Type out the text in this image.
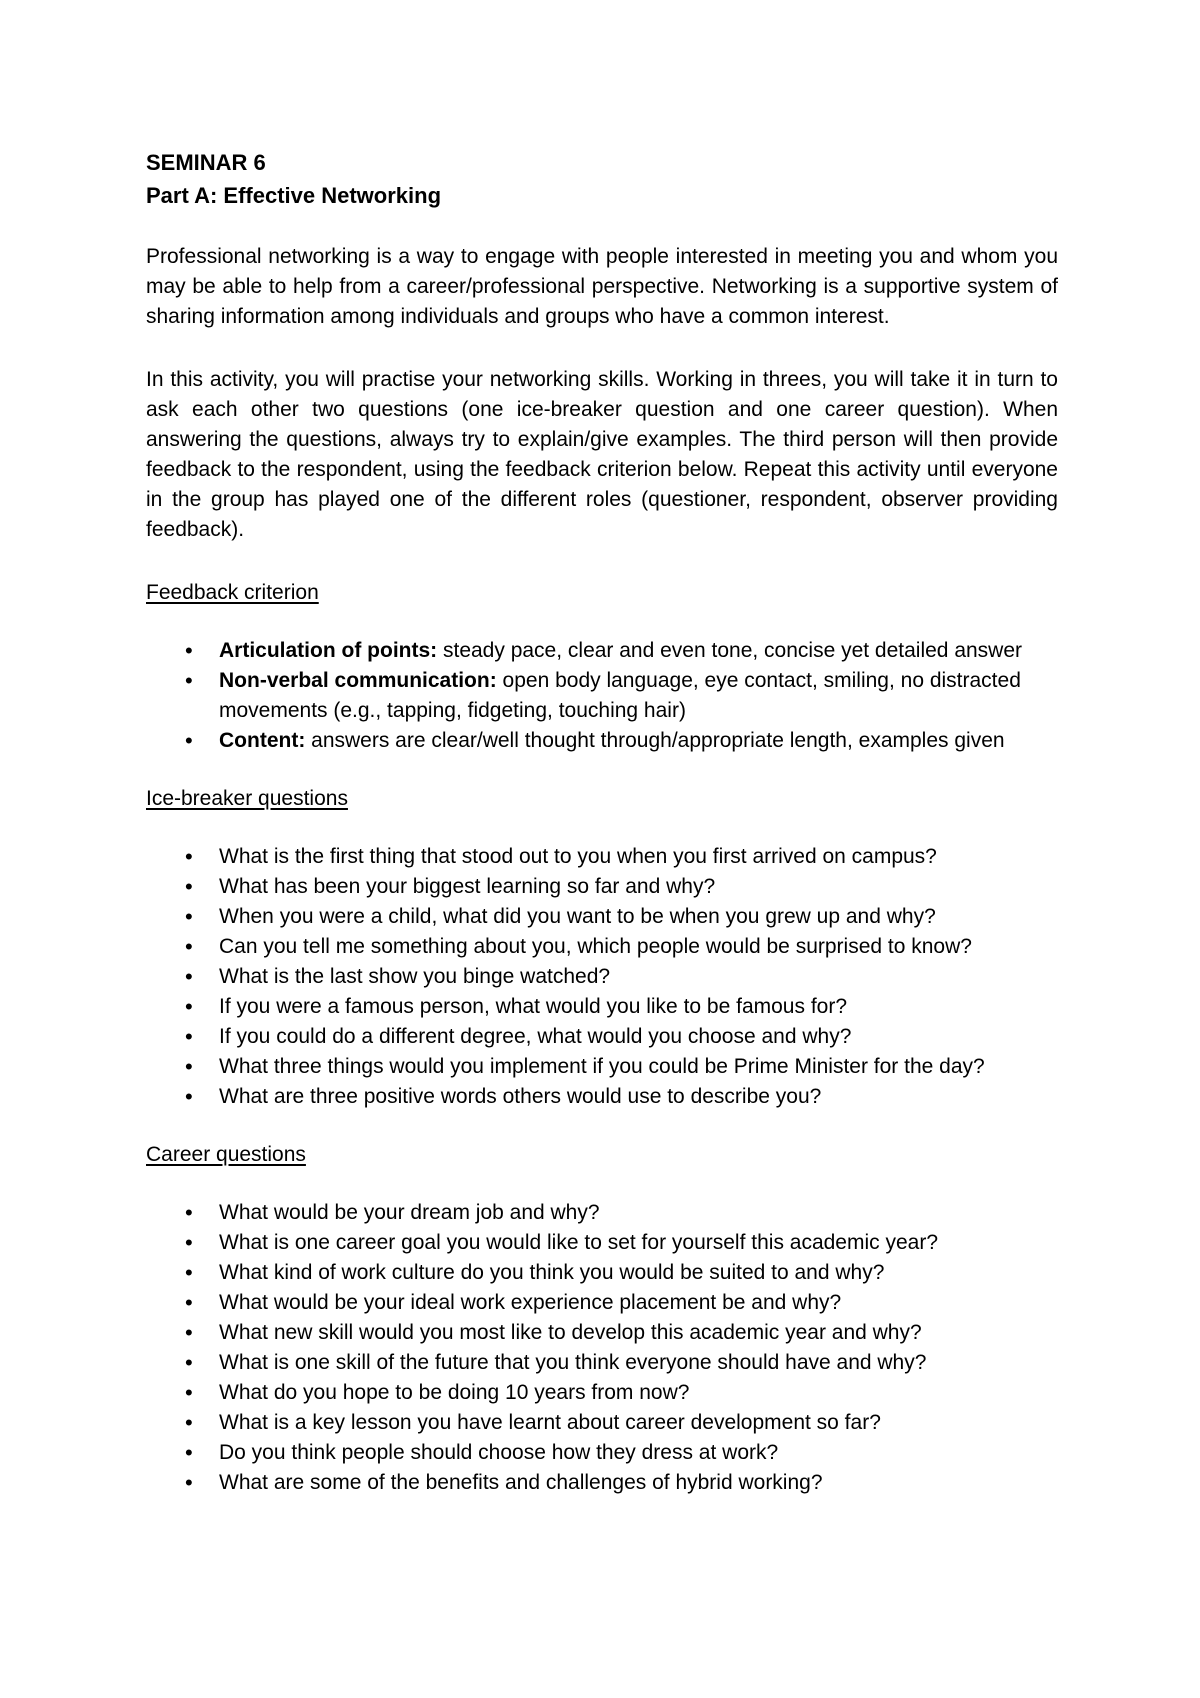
SEMINAR 6

Part A: Effective Networking

Professional networking is a way to engage with people interested in meeting you and whom you may be able to help from a career/professional perspective. Networking is a supportive system of sharing information among individuals and groups who have a common interest.

In this activity, you will practise your networking skills. Working in threes, you will take it in turn to ask each other two questions (one ice-breaker question and one career question). When answering the questions, always try to explain/give examples. The third person will then provide feedback to the respondent, using the feedback criterion below. Repeat this activity until everyone in the group has played one of the different roles (questioner, respondent, observer providing feedback).

Feedback criterion

•
Articulation of points: steady pace, clear and even tone, concise yet detailed answer
•
Non-verbal communication: open body language, eye contact, smiling, no distracted movements (e.g., tapping, fidgeting, touching hair)
•
Content: answers are clear/well thought through/appropriate length, examples given

Ice-breaker questions

•
What is the first thing that stood out to you when you first arrived on campus?
•
What has been your biggest learning so far and why?
•
When you were a child, what did you want to be when you grew up and why?
•
Can you tell me something about you, which people would be surprised to know?
•
What is the last show you binge watched?
•
If you were a famous person, what would you like to be famous for?
•
If you could do a different degree, what would you choose and why?
•
What three things would you implement if you could be Prime Minister for the day?
•
What are three positive words others would use to describe you?

Career questions

•
What would be your dream job and why?
•
What is one career goal you would like to set for yourself this academic year?
•
What kind of work culture do you think you would be suited to and why?
•
What would be your ideal work experience placement be and why?
•
What new skill would you most like to develop this academic year and why?
•
What is one skill of the future that you think everyone should have and why?
•
What do you hope to be doing 10 years from now?
•
What is a key lesson you have learnt about career development so far?
•
Do you think people should choose how they dress at work?
•
What are some of the benefits and challenges of hybrid working?
